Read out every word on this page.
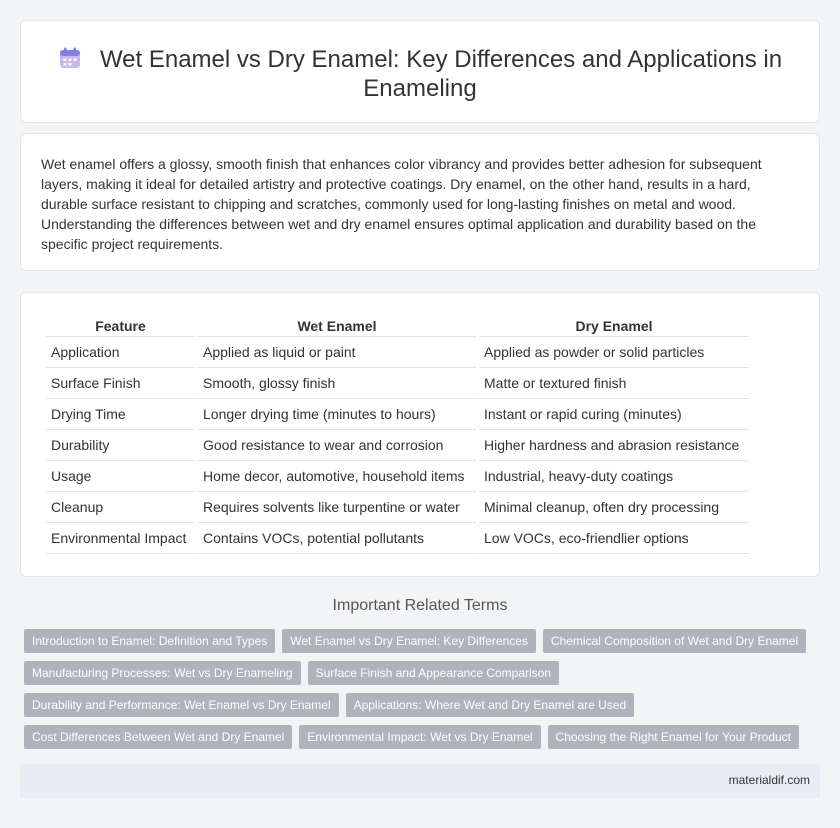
Wet Enamel vs Dry Enamel: Key Differences and Applications in Enameling

Wet enamel offers a glossy, smooth finish that enhances color vibrancy and provides better adhesion for subsequent layers, making it ideal for detailed artistry and protective coatings. Dry enamel, on the other hand, results in a hard, durable surface resistant to chipping and scratches, commonly used for long-lasting finishes on metal and wood. Understanding the differences between wet and dry enamel ensures optimal application and durability based on the specific project requirements.

Feature	Wet Enamel	Dry Enamel
Application	Applied as liquid or paint	Applied as powder or solid particles
Surface Finish	Smooth, glossy finish	Matte or textured finish
Drying Time	Longer drying time (minutes to hours)	Instant or rapid curing (minutes)
Durability	Good resistance to wear and corrosion	Higher hardness and abrasion resistance
Usage	Home decor, automotive, household items	Industrial, heavy-duty coatings
Cleanup	Requires solvents like turpentine or water	Minimal cleanup, often dry processing
Environmental Impact	Contains VOCs, potential pollutants	Low VOCs, eco-friendlier options
Important Related Terms
Introduction to Enamel: Definition and Types Wet Enamel vs Dry Enamel: Key Differences Chemical Composition of Wet and Dry Enamel
Manufacturing Processes: Wet vs Dry Enameling Surface Finish and Appearance Comparison
Durability and Performance: Wet Enamel vs Dry Enamel Applications: Where Wet and Dry Enamel are Used
Cost Differences Between Wet and Dry Enamel Environmental Impact: Wet vs Dry Enamel Choosing the Right Enamel for Your Product
materialdif.com
